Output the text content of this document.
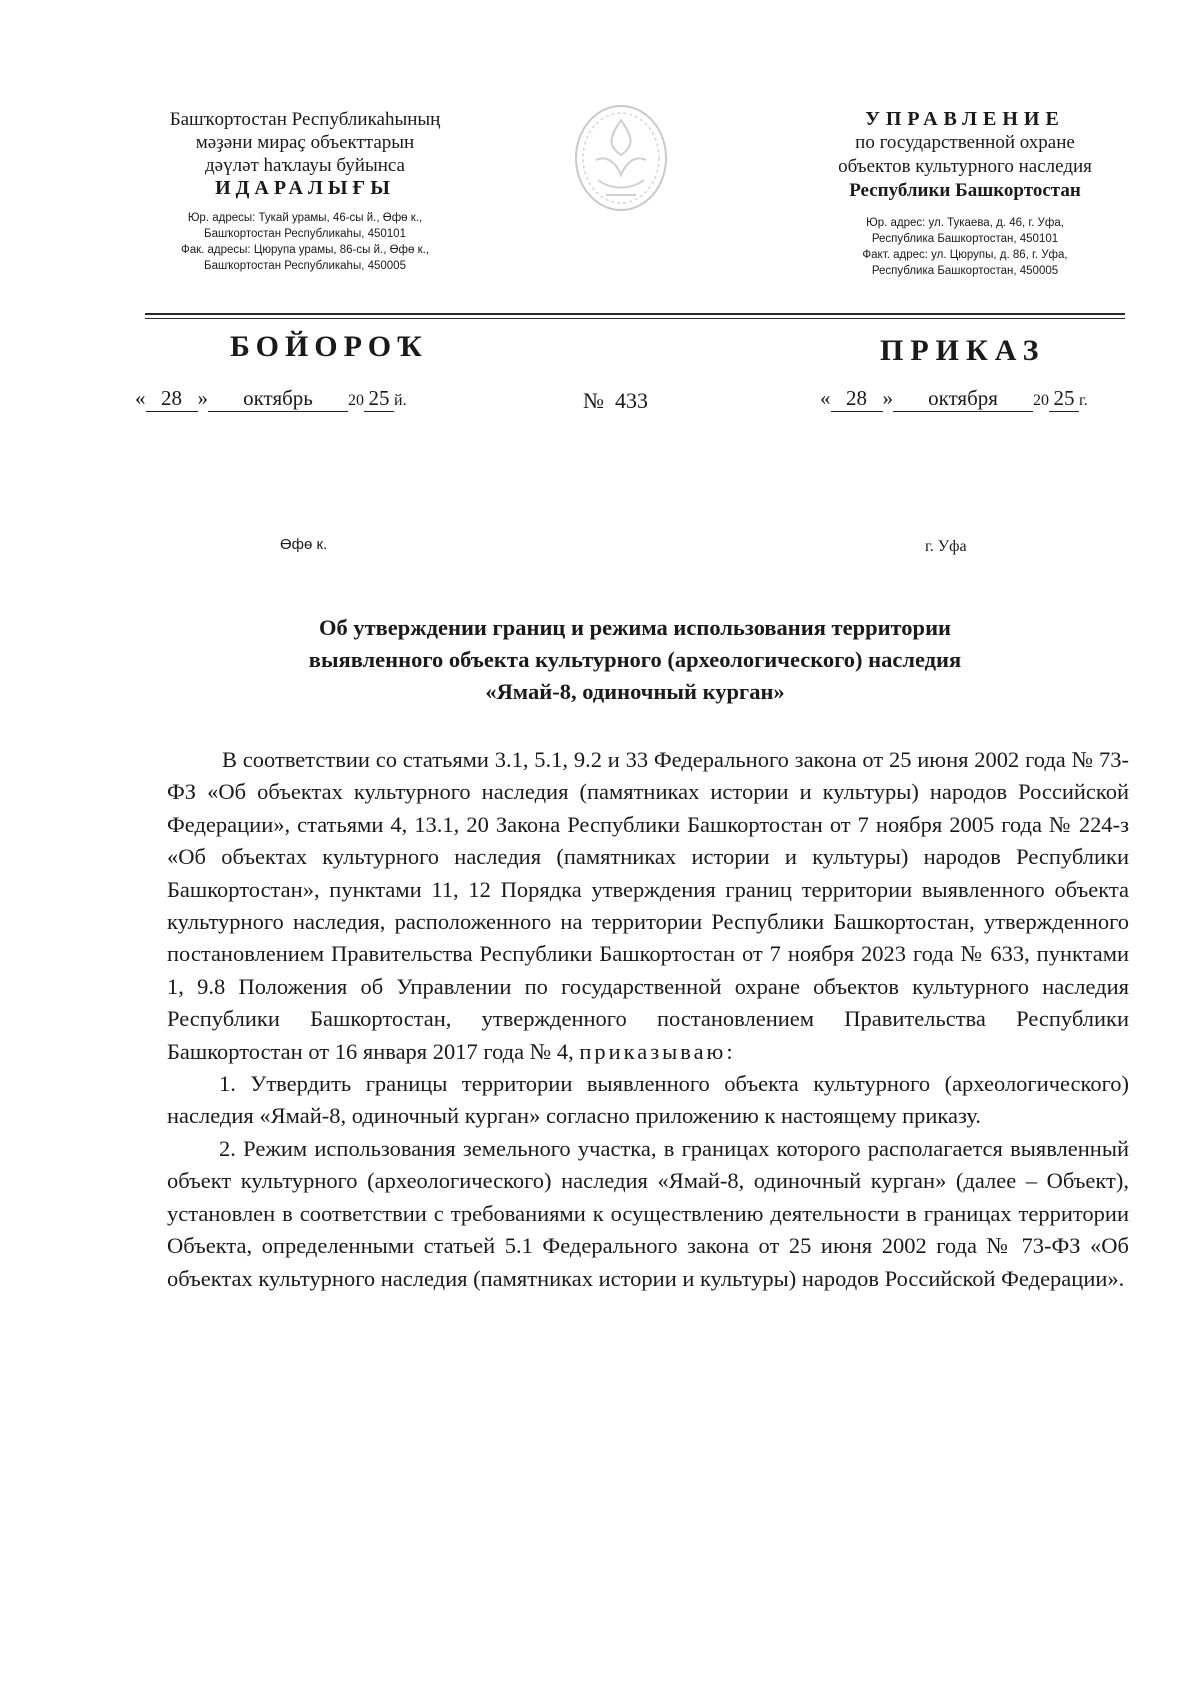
Башҡортостан Республикаһының
мәҙәни мираҫ объекттарын
дәүләт һаҡлауы буйынса
ИДАРАЛЫҒЫ
Юр. адресы: Тукай урамы, 46-сы й., Өфө к.,
Башҡортостан Республикаһы, 450101
Фак. адресы: Цюрупа урамы, 86-сы й., Өфө к.,
Башҡортостан Республикаһы, 450005
УПРАВЛЕНИЕ
по государственной охране
объектов культурного наследия
Республики Башкортостан
Юр. адрес: ул. Тукаева, д. 46, г. Уфа,
Республика Башкортостан, 450101
Факт. адрес: ул. Цюрупы, д. 86, г. Уфа,
Республика Башкортостан, 450005
БОЙОРОҠ	ПРИКАЗ
« 28 » октябрь 20 25 й.	№ 433	« 28 » октября 20 25 г.
Өфө к.	г. Уфа
Об утверждении границ и режима использования территории
выявленного объекта культурного (археологического) наследия
«Ямай-8, одиночный курган»

В соответствии со статьями 3.1, 5.1, 9.2 и 33 Федерального закона от 25 июня 2002 года № 73-ФЗ «Об объектах культурного наследия (памятниках истории и культуры) народов Российской Федерации», статьями 4, 13.1, 20 Закона Республики Башкортостан от 7 ноября 2005 года № 224-з «Об объектах культурного наследия (памятниках истории и культуры) народов Республики Башкортостан», пунктами 11, 12 Порядка утверждения границ территории выявленного объекта культурного наследия, расположенного на территории Республики Башкортостан, утвержденного постановлением Правительства Республики Башкортостан от 7 ноября 2023 года № 633, пунктами 1, 9.8 Положения об Управлении по государственной охране объектов культурного наследия Республики Башкортостан, утвержденного постановлением Правительства Республики Башкортостан от 16 января 2017 года № 4, приказываю:

1. Утвердить границы территории выявленного объекта культурного (археологического) наследия «Ямай-8, одиночный курган» согласно приложению к настоящему приказу.

2. Режим использования земельного участка, в границах которого располагается выявленный объект культурного (археологического) наследия «Ямай-8, одиночный курган» (далее – Объект), установлен в соответствии с требованиями к осуществлению деятельности в границах территории Объекта, определенными статьей 5.1 Федерального закона от 25 июня 2002 года № 73-ФЗ «Об объектах культурного наследия (памятниках истории и культуры) народов Российской Федерации».
